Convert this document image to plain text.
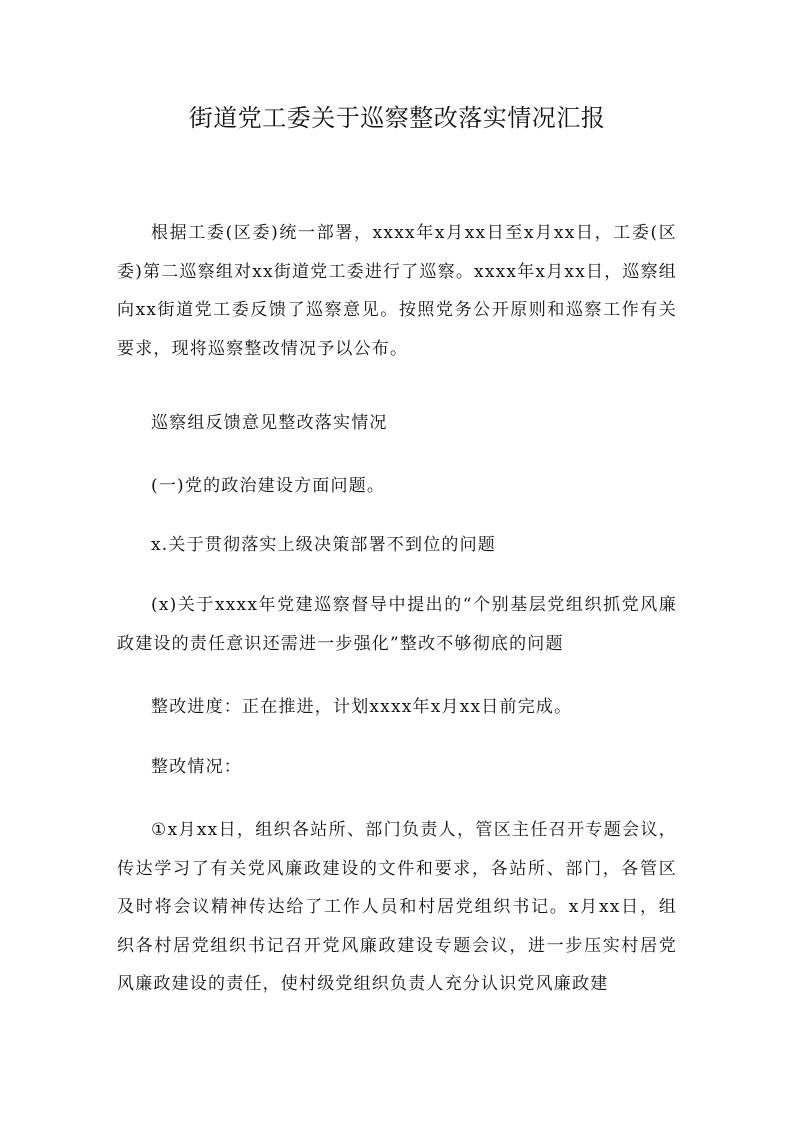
街道党工委关于巡察整改落实情况汇报

根据工委(区委)统一部署，xxxx年x月xx日至x月xx日，工委(区委)第二巡察组对xx街道党工委进行了巡察。xxxx年x月xx日，巡察组向xx街道党工委反馈了巡察意见。按照党务公开原则和巡察工作有关要求，现将巡察整改情况予以公布。

巡察组反馈意见整改落实情况

(一)党的政治建设方面问题。

x.关于贯彻落实上级决策部署不到位的问题

(x)关于xxxx年党建巡察督导中提出的“个别基层党组织抓党风廉政建设的责任意识还需进一步强化”整改不够彻底的问题

整改进度：正在推进，计划xxxx年x月xx日前完成。

整改情况：

①x月xx日，组织各站所、部门负责人，管区主任召开专题会议，传达学习了有关党风廉政建设的文件和要求，各站所、部门，各管区及时将会议精神传达给了工作人员和村居党组织书记。x月xx日，组织各村居党组织书记召开党风廉政建设专题会议，进一步压实村居党风廉政建设的责任，使村级党组织负责人充分认识党风廉政建
